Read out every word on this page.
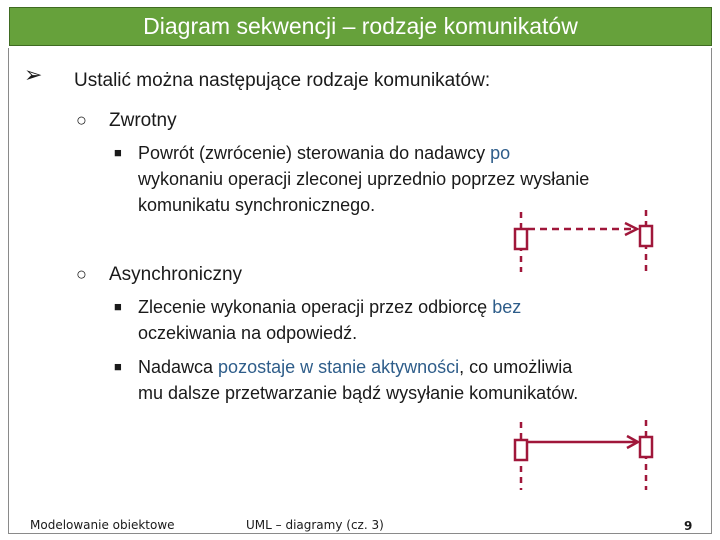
Diagram sekwencji – rodzaje komunikatów
➢ Ustalić można następujące rodzaje komunikatów:
○ Zwrotny
■ Powrót (zwrócenie) sterowania do nadawcy po
wykonaniu operacji zleconej uprzednio poprzez wysłanie
komunikatu synchronicznego.
○ Asynchroniczny
■ Zlecenie wykonania operacji przez odbiorcę bez
oczekiwania na odpowiedź.
■ Nadawca pozostaje w stanie aktywności, co umożliwia
mu dalsze przetwarzanie bądź wysyłanie komunikatów.
Modelowanie obiektowe	UML – diagramy (cz. 3)	9
